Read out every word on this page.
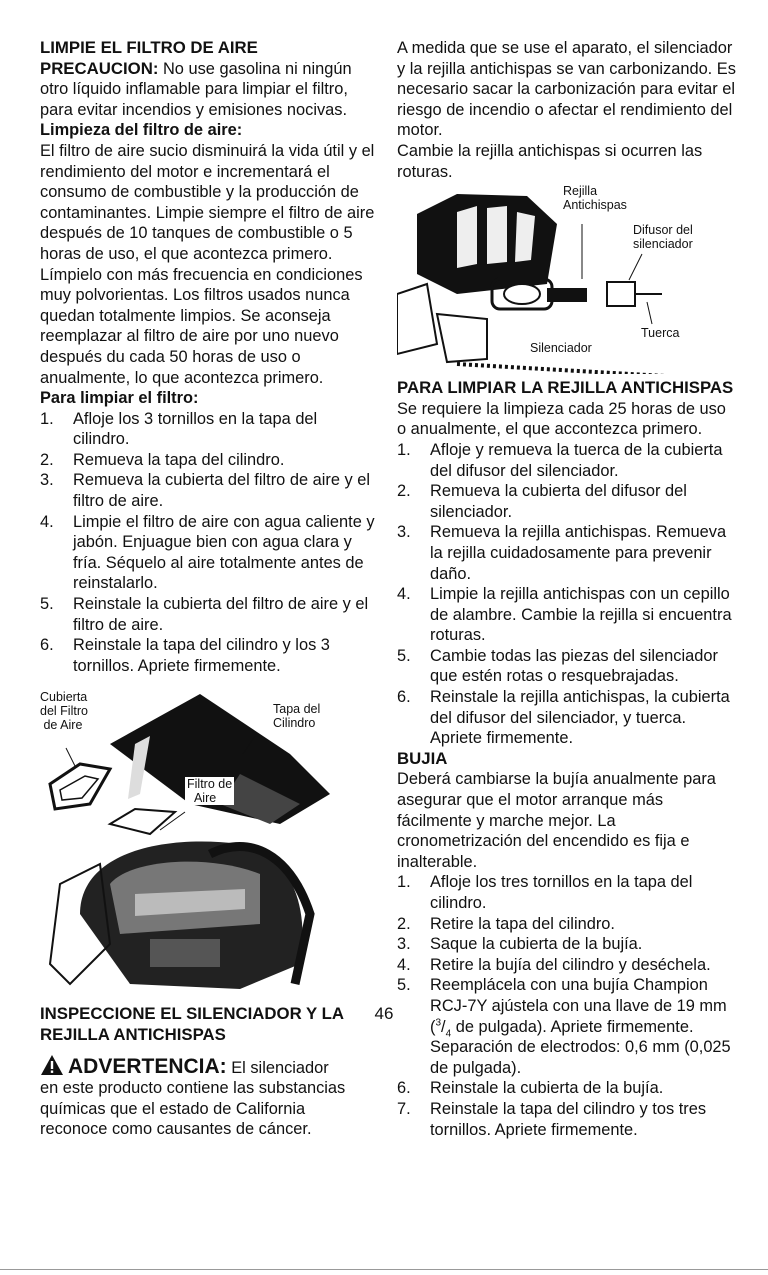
LIMPIE EL FILTRO DE AIRE

PRECAUCION: No use gasolina ni ningún otro líquido inflamable para limpiar el filtro, para evitar incendios y emisiones nocivas.

Limpieza del filtro de aire:

El filtro de aire sucio disminuirá la vida útil y el rendimiento del motor e incrementará el consumo de combustible y la producción de contaminantes. Limpie siempre el filtro de aire después de 10 tanques de combustible o 5 horas de uso, el que acontezca primero. Límpielo con más frecuencia en condiciones muy polvorientas. Los filtros usados nunca quedan totalmente limpios. Se aconseja reemplazar al filtro de aire por uno nuevo después du cada 50 horas de uso o anualmente, lo que acontezca primero.

Para limpiar el filtro:

1. Afloje los 3 tornillos en la tapa del cilindro.
2. Remueva la tapa del cilindro.
3. Remueva la cubierta del filtro de aire y el filtro de aire.
4. Limpie el filtro de aire con agua caliente y jabón. Enjuague bien con agua clara y fría. Séquelo al aire totalmente antes de reinstalarlo.
5. Reinstale la cubierta del filtro de aire y el filtro de aire.
6. Reinstale la tapa del cilindro y los 3 tornillos. Apriete firmemente.
Cubierta
del Filtro
de Aire
Tapa del
Cilindro
Filtro de
Aire

INSPECCIONE EL SILENCIADOR Y LA REJILLA ANTICHISPAS

ADVERTENCIA: El silenciador

en este producto contiene las substancias químicas que el estado de California reconoce como causantes de cáncer.

A medida que se use el aparato, el silenciador y la rejilla antichispas se van carbonizando. Es necesario sacar la carbonización para evitar el riesgo de incendio o afectar el rendimiento del motor.

Cambie la rejilla antichispas si ocurren las roturas.

Rejilla
Antichispas
Difusor del
silenciador
Tuerca
Silenciador

PARA LIMPIAR LA REJILLA ANTICHISPAS

Se requiere la limpieza cada 25 horas de uso o anualmente, el que accontezca primero.

1. Afloje y remueva la tuerca de la cubierta del difusor del silenciador.
2. Remueva la cubierta del difusor del silenciador.
3. Remueva la rejilla antichispas. Remueva la rejilla cuidadosamente para prevenir daño.
4. Limpie la rejilla antichispas con un cepillo de alambre. Cambie la rejilla si encuentra roturas.
5. Cambie todas las piezas del silenciador que estén rotas o resquebrajadas.
6. Reinstale la rejilla antichispas, la cubierta del difusor del silenciador, y tuerca. Apriete firmemente.

BUJIA

Deberá cambiarse la bujía anualmente para asegurar que el motor arranque más fácilmente y marche mejor. La cronometrización del encendido es fija e inalterable.

1. Afloje los tres tornillos en la tapa del cilindro.
2. Retire la tapa del cilindro.
3. Saque la cubierta de la bujía.
4. Retire la bujía del cilindro y deséchela.
5. Reemplácela con una bujía Champion RCJ-7Y ajústela con una llave de 19 mm ($^3/_4$ de pulgada). Apriete firmemente. Separación de electrodos: 0,6 mm (0,025 de pulgada).
6. Reinstale la cubierta de la bujía.
7. Reinstale la tapa del cilindro y tos tres tornillos. Apriete firmemente.
46
